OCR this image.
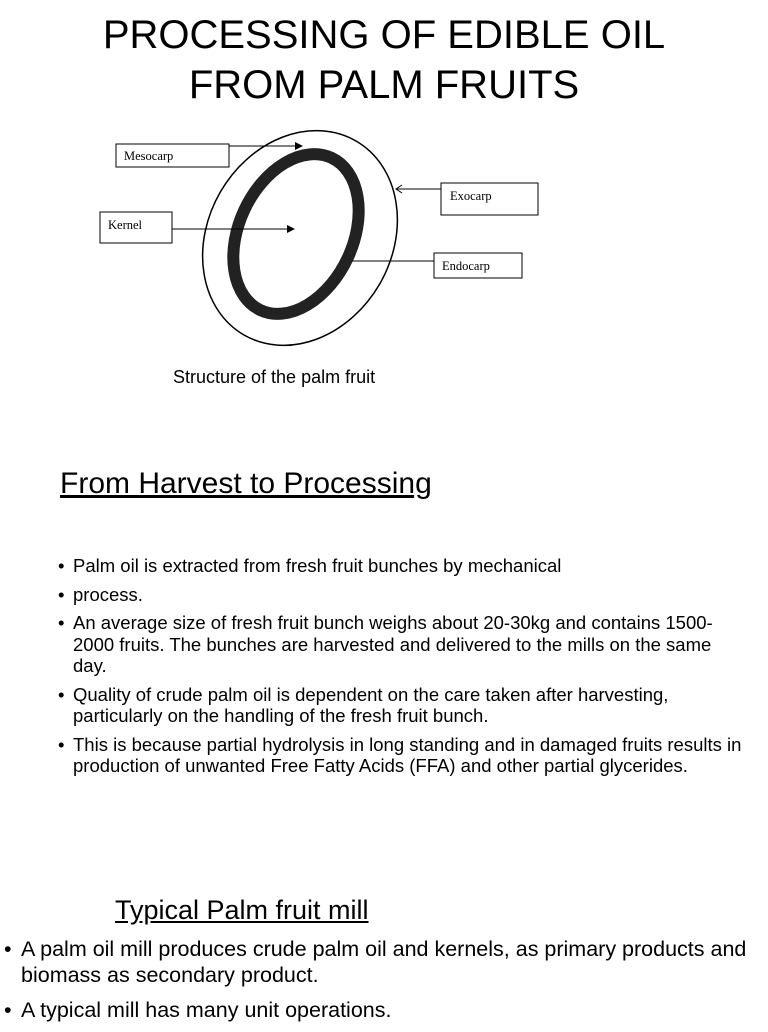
PROCESSING OF EDIBLE OIL
FROM PALM FRUITS
Mesocarp
Kernel
Exocarp
Endocarp
Structure of the palm fruit
From Harvest to Processing
• Palm oil is extracted from fresh fruit bunches by mechanical
• process.
• An average size of fresh fruit bunch weighs about 20-30kg and contains 1500-2000 fruits. The bunches are harvested and delivered to the mills on the same day.
• Quality of crude palm oil is dependent on the care taken after harvesting, particularly on the handling of the fresh fruit bunch.
• This is because partial hydrolysis in long standing and in damaged fruits results in production of unwanted Free Fatty Acids (FFA) and other partial glycerides.
Typical Palm fruit mill
• A palm oil mill produces crude palm oil and kernels, as primary products and biomass as secondary product.
• A typical mill has many unit operations.
